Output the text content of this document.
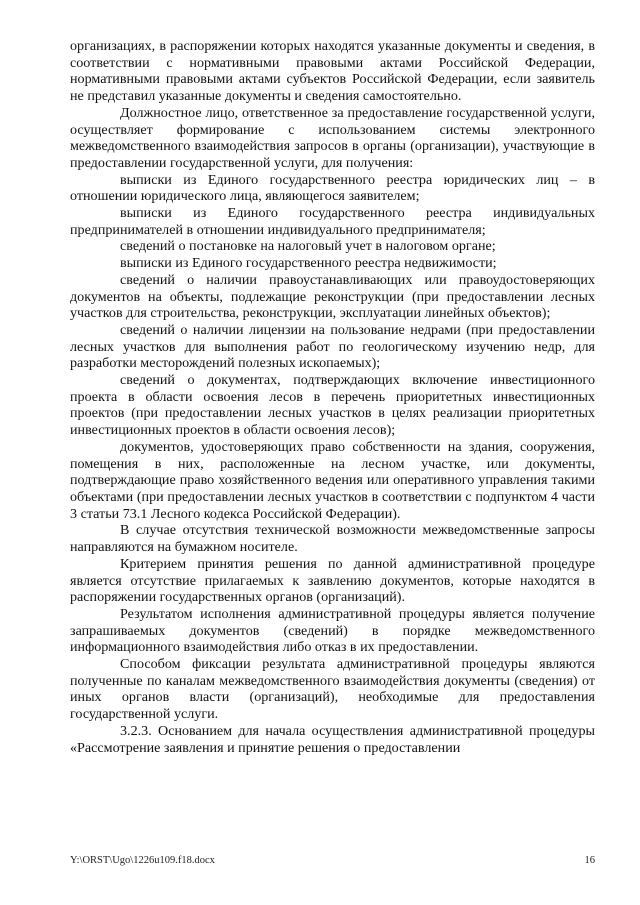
организациях, в распоряжении которых находятся указанные документы и сведения, в соответствии с нормативными правовыми актами Российской Федерации, нормативными правовыми актами субъектов Российской Федерации, если заявитель не представил указанные документы и сведения самостоятельно.

Должностное лицо, ответственное за предоставление государственной услуги, осуществляет формирование с использованием системы электронного межведомственного взаимодействия запросов в органы (организации), участвующие в предоставлении государственной услуги, для получения:

выписки из Единого государственного реестра юридических лиц – в отношении юридического лица, являющегося заявителем;

выписки из Единого государственного реестра индивидуальных предпринимателей в отношении индивидуального предпринимателя;

сведений о постановке на налоговый учет в налоговом органе;

выписки из Единого государственного реестра недвижимости;

сведений о наличии правоустанавливающих или правоудостоверяющих документов на объекты, подлежащие реконструкции (при предоставлении лесных участков для строительства, реконструкции, эксплуатации линейных объектов);

сведений о наличии лицензии на пользование недрами (при предоставлении лесных участков для выполнения работ по геологическому изучению недр, для разработки месторождений полезных ископаемых);

сведений о документах, подтверждающих включение инвестиционного проекта в области освоения лесов в перечень приоритетных инвестиционных проектов (при предоставлении лесных участков в целях реализации приоритетных инвестиционных проектов в области освоения лесов);

документов, удостоверяющих право собственности на здания, сооружения, помещения в них, расположенные на лесном участке, или документы, подтверждающие право хозяйственного ведения или оперативного управления такими объектами (при предоставлении лесных участков в соответствии с подпунктом 4 части 3 статьи 73.1 Лесного кодекса Российской Федерации).

В случае отсутствия технической возможности межведомственные запросы направляются на бумажном носителе.

Критерием принятия решения по данной административной процедуре является отсутствие прилагаемых к заявлению документов, которые находятся в распоряжении государственных органов (организаций).

Результатом исполнения административной процедуры является получение запрашиваемых документов (сведений) в порядке межведомственного информационного взаимодействия либо отказ в их предоставлении.

Способом фиксации результата административной процедуры являются полученные по каналам межведомственного взаимодействия документы (сведения) от иных органов власти (организаций), необходимые для предоставления государственной услуги.

3.2.3. Основанием для начала осуществления административной процедуры «Рассмотрение заявления и принятие решения о предоставлении

Y:\ORST\Ugo\1226u109.f18.docx	16
